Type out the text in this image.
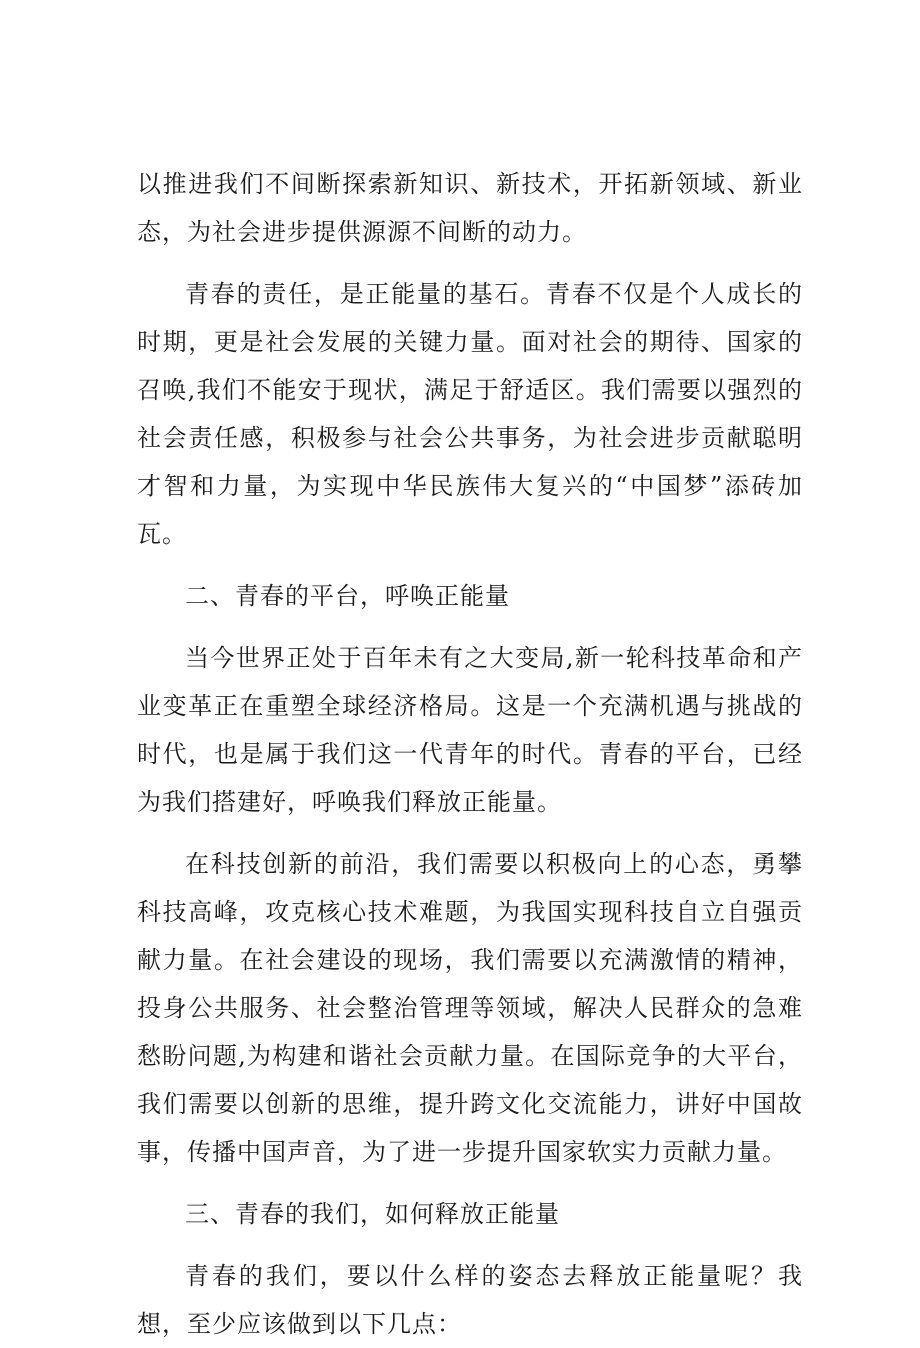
以推进我们不间断探索新知识、新技术，开拓新领域、新业态，为社会进步提供源源不间断的动力。

青春的责任，是正能量的基石。青春不仅是个人成长的时期，更是社会发展的关键力量。面对社会的期待、国家的召唤,我们不能安于现状，满足于舒适区。我们需要以强烈的社会责任感，积极参与社会公共事务，为社会进步贡献聪明才智和力量，为实现中华民族伟大复兴的“中国梦”添砖加瓦。

二、青春的平台，呼唤正能量

当今世界正处于百年未有之大变局,新一轮科技革命和产业变革正在重塑全球经济格局。这是一个充满机遇与挑战的时代，也是属于我们这一代青年的时代。青春的平台，已经为我们搭建好，呼唤我们释放正能量。

在科技创新的前沿，我们需要以积极向上的心态，勇攀科技高峰，攻克核心技术难题，为我国实现科技自立自强贡献力量。在社会建设的现场，我们需要以充满激情的精神，投身公共服务、社会整治管理等领域，解决人民群众的急难愁盼问题,为构建和谐社会贡献力量。在国际竞争的大平台，我们需要以创新的思维，提升跨文化交流能力，讲好中国故事，传播中国声音，为了进一步提升国家软实力贡献力量。

三、青春的我们，如何释放正能量

青春的我们，要以什么样的姿态去释放正能量呢？我想，至少应该做到以下几点：
